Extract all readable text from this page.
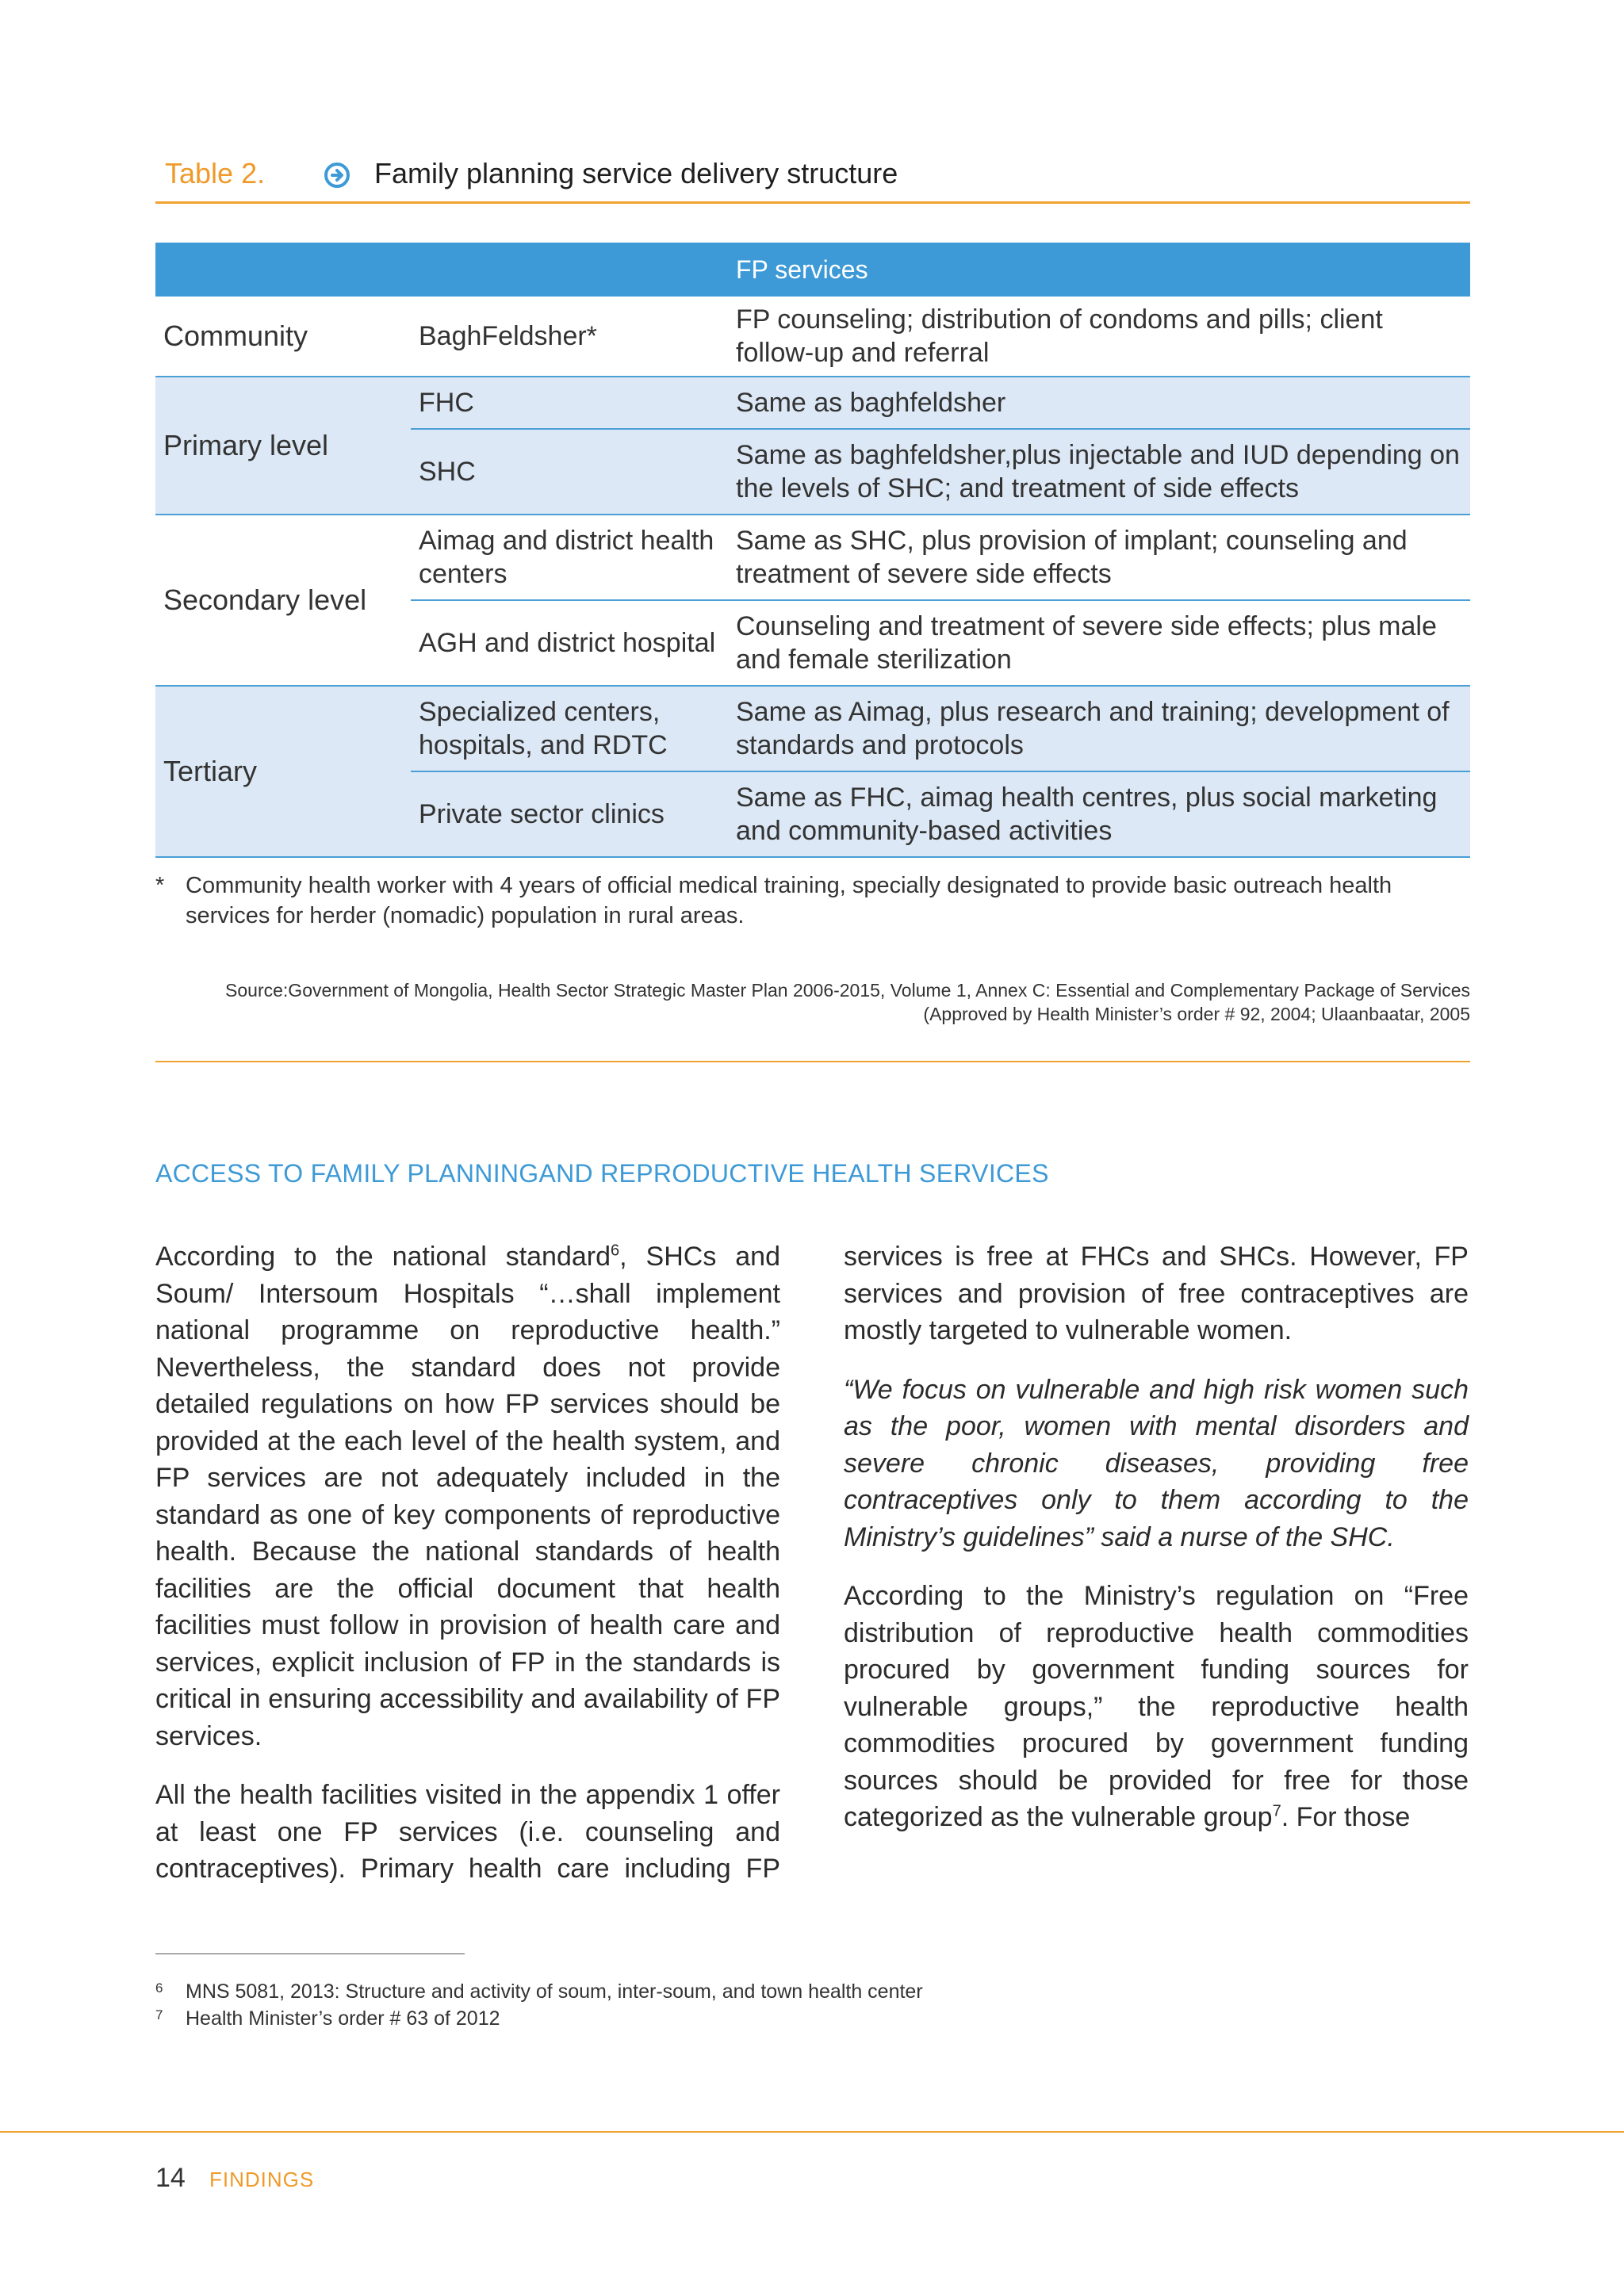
Table 2.	Family planning service delivery structure
		FP services
Community	BaghFeldsher*	FP counseling; distribution of condoms and pills; client follow-up and referral
Primary level	FHC	Same as baghfeldsher
	SHC	Same as baghfeldsher,plus injectable and IUD depending on the levels of SHC; and treatment of side effects
Secondary level	Aimag and district health centers	Same as SHC, plus provision of implant; counseling and treatment of severe side effects
	AGH and district hospital	Counseling and treatment of severe side effects; plus male and female sterilization
Tertiary	Specialized centers, hospitals, and RDTC	Same as Aimag, plus research and training; development of standards and protocols
	Private sector clinics	Same as FHC, aimag health centres, plus social marketing and community-based activities
* Community health worker with 4 years of official medical training, specially designated to provide basic outreach health services for herder (nomadic) population in rural areas.
Source:Government of Mongolia, Health Sector Strategic Master Plan 2006-2015, Volume 1, Annex C: Essential and Complementary Package of Services
(Approved by Health Minister’s order # 92, 2004; Ulaanbaatar, 2005
ACCESS TO FAMILY PLANNINGAND REPRODUCTIVE HEALTH SERVICES

According to the national standard$^6$, SHCs and Soum/ Intersoum Hospitals “…shall implement national programme on reproductive health.” Nevertheless, the standard does not provide detailed regulations on how FP services should be provided at the each level of the health system, and FP services are not adequately included in the standard as one of key components of reproductive health. Because the national standards of health facilities are the official document that health facilities must follow in provision of health care and services, explicit inclusion of FP in the standards is critical in ensuring accessibility and availability of FP services.

All the health facilities visited in the appendix 1 offer at least one FP services (i.e. counseling and contraceptives). Primary health care including FP

services is free at FHCs and SHCs. However, FP services and provision of free contraceptives are mostly targeted to vulnerable women.

“We focus on vulnerable and high risk women such as the poor, women with mental disorders and severe chronic diseases, providing free contraceptives only to them according to the Ministry’s guidelines” said a nurse of the SHC.

According to the Ministry’s regulation on “Free distribution of reproductive health commodities procured by government funding sources for vulnerable groups,” the reproductive health commodities procured by government funding sources should be provided for free for those categorized as the vulnerable group$^7$. For those

6 MNS 5081, 2013: Structure and activity of soum, inter-soum, and town health center
7 Health Minister’s order # 63 of 2012
14 FINDINGS
